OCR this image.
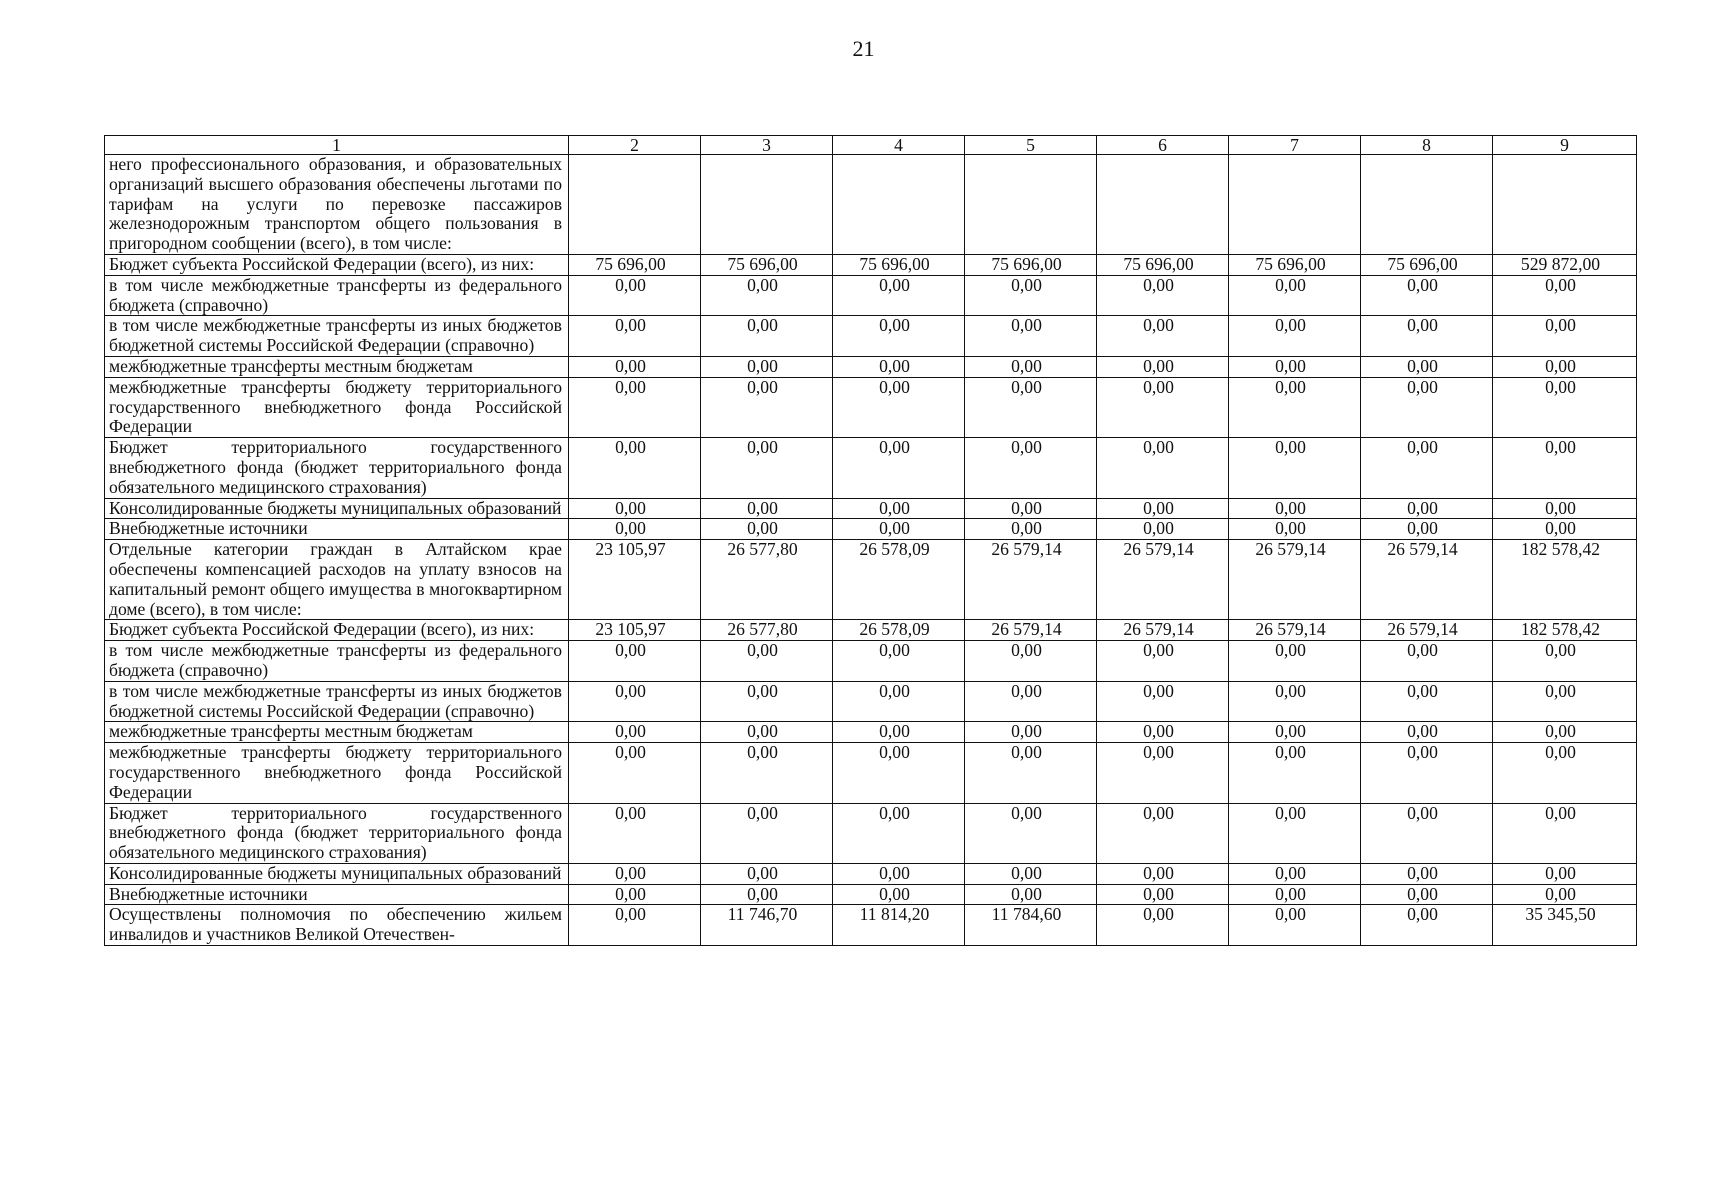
21
1	2	3	4	5	6	7	8	9
него профессионального образования, и образовательных организаций высшего образования обеспечены льготами по тарифам на услуги по перевозке пассажиров железнодорожным транспортом общего пользования в пригородном сообщении (всего), в том числе:								
Бюджет субъекта Российской Федерации (всего), из них:	75 696,00	75 696,00	75 696,00	75 696,00	75 696,00	75 696,00	75 696,00	529 872,00
в том числе межбюджетные трансферты из федерального бюджета (справочно)	0,00	0,00	0,00	0,00	0,00	0,00	0,00	0,00
в том числе межбюджетные трансферты из иных бюджетов бюджетной системы Российской Федерации (справочно)	0,00	0,00	0,00	0,00	0,00	0,00	0,00	0,00
межбюджетные трансферты местным бюджетам	0,00	0,00	0,00	0,00	0,00	0,00	0,00	0,00
межбюджетные трансферты бюджету территориального государственного внебюджетного фонда Российской Федерации	0,00	0,00	0,00	0,00	0,00	0,00	0,00	0,00
Бюджет территориального государственного внебюджетного фонда (бюджет территориального фонда обязательного медицинского страхования)	0,00	0,00	0,00	0,00	0,00	0,00	0,00	0,00
Консолидированные бюджеты муниципальных образований	0,00	0,00	0,00	0,00	0,00	0,00	0,00	0,00
Внебюджетные источники	0,00	0,00	0,00	0,00	0,00	0,00	0,00	0,00
Отдельные категории граждан в Алтайском крае обеспечены компенсацией расходов на уплату взносов на капитальный ремонт общего имущества в многоквартирном доме (всего), в том числе:	23 105,97	26 577,80	26 578,09	26 579,14	26 579,14	26 579,14	26 579,14	182 578,42
Бюджет субъекта Российской Федерации (всего), из них:	23 105,97	26 577,80	26 578,09	26 579,14	26 579,14	26 579,14	26 579,14	182 578,42
в том числе межбюджетные трансферты из федерального бюджета (справочно)	0,00	0,00	0,00	0,00	0,00	0,00	0,00	0,00
в том числе межбюджетные трансферты из иных бюджетов бюджетной системы Российской Федерации (справочно)	0,00	0,00	0,00	0,00	0,00	0,00	0,00	0,00
межбюджетные трансферты местным бюджетам	0,00	0,00	0,00	0,00	0,00	0,00	0,00	0,00
межбюджетные трансферты бюджету территориального государственного внебюджетного фонда Российской Федерации	0,00	0,00	0,00	0,00	0,00	0,00	0,00	0,00
Бюджет территориального государственного внебюджетного фонда (бюджет территориального фонда обязательного медицинского страхования)	0,00	0,00	0,00	0,00	0,00	0,00	0,00	0,00
Консолидированные бюджеты муниципальных образований	0,00	0,00	0,00	0,00	0,00	0,00	0,00	0,00
Внебюджетные источники	0,00	0,00	0,00	0,00	0,00	0,00	0,00	0,00
Осуществлены полномочия по обеспечению жильем инвалидов и участников Великой Отечествен-	0,00	11 746,70	11 814,20	11 784,60	0,00	0,00	0,00	35 345,50
